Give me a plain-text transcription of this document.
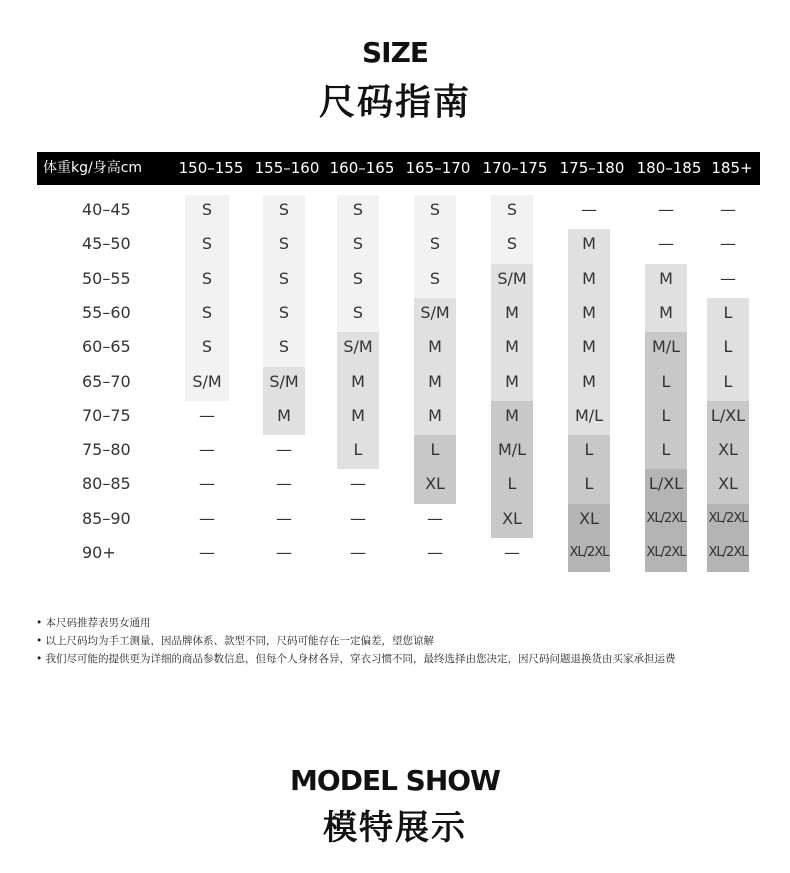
SIZE
尺码指南
体重kg/身高cm	150–155 155–160 160–165 165–170 170–175 175–180 180–185 185+
40–45	S	S	S	S	S	—	—	—
45–50	S	S	S	S	S	M	—	—
50–55	S	S	S	S	S/M	M	M	—
55–60	S	S	S	S/M	M	M	M	L
60–65	S	S	S/M	M	M	M	M/L	L
65–70	S/M	S/M	M	M	M	M	L	L
70–75	—	M	M	M	M	M/L	L	L/XL
75–80	—	—	L	L	M/L	L	L	XL
80–85	—	—	—	XL	L	L	L/XL	XL
85–90	—	—	—	—	XL	XL	XL/2XL	XL/2XL
90+	—	—	—	—	—	XL/2XL	XL/2XL	XL/2XL
• 本尺码推荐表男女通用
• 以上尺码均为手工测量，因品牌体系、款型不同，尺码可能存在一定偏差，望您谅解
• 我们尽可能的提供更为详细的商品参数信息，但每个人身材各异，穿衣习惯不同，最终选择由您决定，因尺码问题退换货由买家承担运费
MODEL SHOW
模特展示
